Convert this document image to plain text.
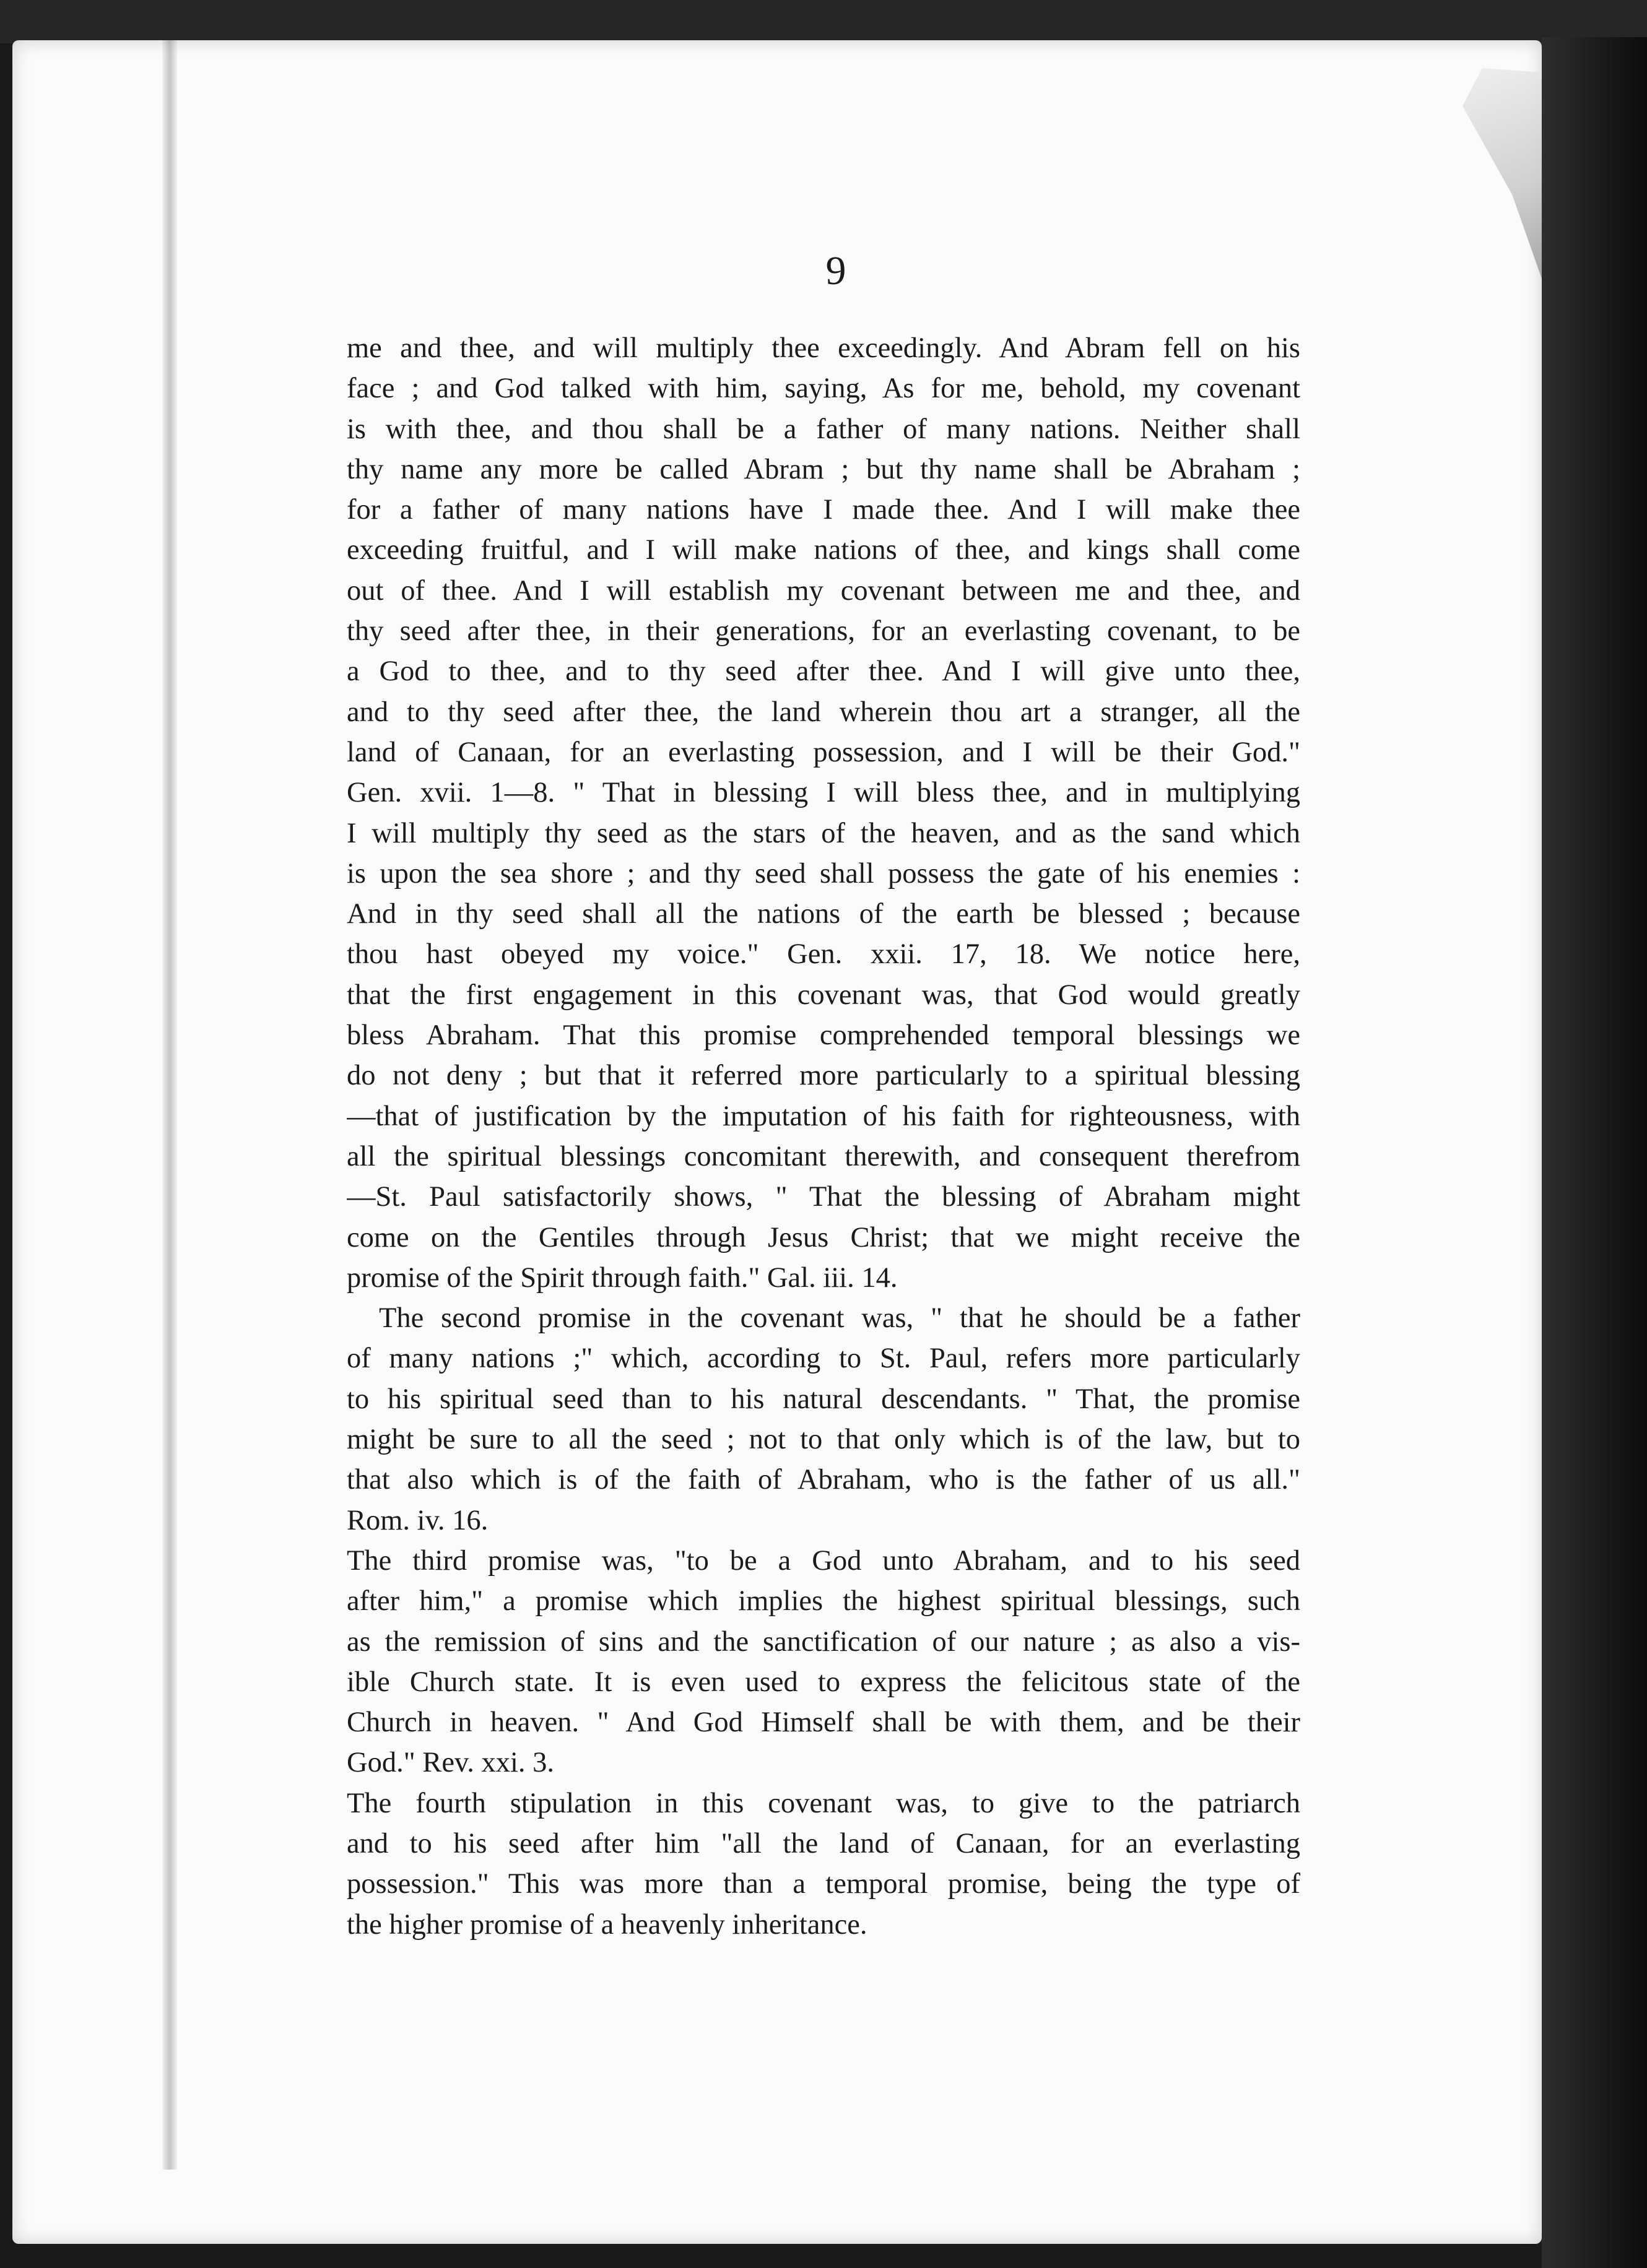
9
me and thee, and will multiply thee exceedingly. And Abram fell on his
face ; and God talked with him, saying, As for me, behold, my covenant
is with thee, and thou shall be a father of many nations. Neither shall
thy name any more be called Abram ; but thy name shall be Abraham ;
for a father of many nations have I made thee. And I will make thee
exceeding fruitful, and I will make nations of thee, and kings shall come
out of thee. And I will establish my covenant between me and thee, and
thy seed after thee, in their generations, for an everlasting covenant, to be
a God to thee, and to thy seed after thee. And I will give unto thee,
and to thy seed after thee, the land wherein thou art a stranger, all the
land of Canaan, for an everlasting possession, and I will be their God."
Gen. xvii. 1—8. " That in blessing I will bless thee, and in multiplying
I will multiply thy seed as the stars of the heaven, and as the sand which
is upon the sea shore ; and thy seed shall possess the gate of his enemies :
And in thy seed shall all the nations of the earth be blessed ; because
thou hast obeyed my voice." Gen. xxii. 17, 18. We notice here,
that the first engagement in this covenant was, that God would greatly
bless Abraham. That this promise comprehended temporal blessings we
do not deny ; but that it referred more particularly to a spiritual blessing
—that of justification by the imputation of his faith for righteousness, with
all the spiritual blessings concomitant therewith, and consequent therefrom
—St. Paul satisfactorily shows, " That the blessing of Abraham might
come on the Gentiles through Jesus Christ; that we might receive the
promise of the Spirit through faith." Gal. iii. 14.
The second promise in the covenant was, " that he should be a father
of many nations ;" which, according to St. Paul, refers more particularly
to his spiritual seed than to his natural descendants. " That, the promise
might be sure to all the seed ; not to that only which is of the law, but to
that also which is of the faith of Abraham, who is the father of us all."
Rom. iv. 16.
The third promise was, "to be a God unto Abraham, and to his seed
after him," a promise which implies the highest spiritual blessings, such
as the remission of sins and the sanctification of our nature ; as also a vis-
ible Church state. It is even used to express the felicitous state of the
Church in heaven. " And God Himself shall be with them, and be their
God." Rev. xxi. 3.
The fourth stipulation in this covenant was, to give to the patriarch
and to his seed after him "all the land of Canaan, for an everlasting
possession." This was more than a temporal promise, being the type of
the higher promise of a heavenly inheritance.
